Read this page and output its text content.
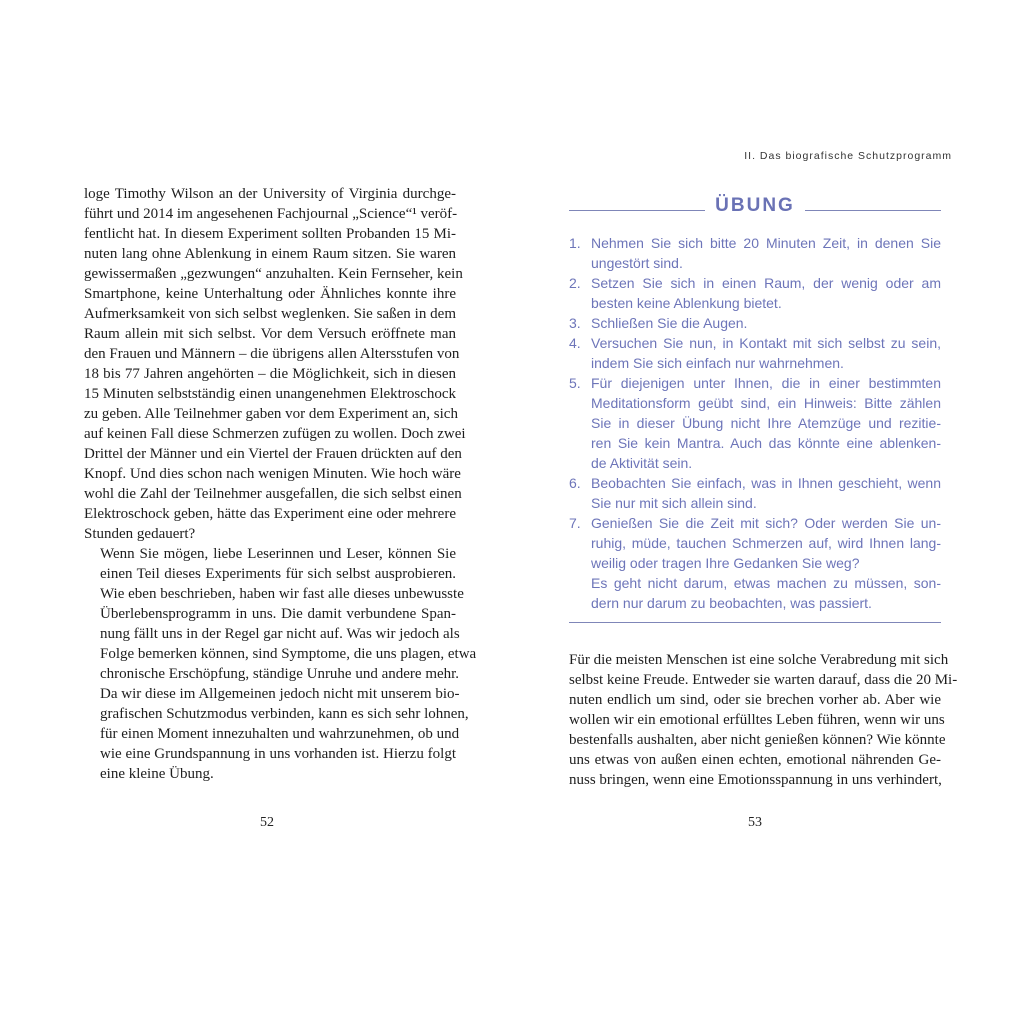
loge Timothy Wilson an der University of Virginia durchge-
führt und 2014 im angesehenen Fachjournal „Science“¹ veröf-
fentlicht hat. In diesem Experiment sollten Probanden 15 Mi-
nuten lang ohne Ablenkung in einem Raum sitzen. Sie waren
gewissermaßen „gezwungen“ anzuhalten. Kein Fernseher, kein
Smartphone, keine Unterhaltung oder Ähnliches konnte ihre
Aufmerksamkeit von sich selbst weglenken. Sie saßen in dem
Raum allein mit sich selbst. Vor dem Versuch eröffnete man
den Frauen und Männern – die übrigens allen Altersstufen von
18 bis 77 Jahren angehörten – die Möglichkeit, sich in diesen
15 Minuten selbstständig einen unangenehmen Elektroschock
zu geben. Alle Teilnehmer gaben vor dem Experiment an, sich
auf keinen Fall diese Schmerzen zufügen zu wollen. Doch zwei
Drittel der Männer und ein Viertel der Frauen drückten auf den
Knopf. Und dies schon nach wenigen Minuten. Wie hoch wäre
wohl die Zahl der Teilnehmer ausgefallen, die sich selbst einen
Elektroschock geben, hätte das Experiment eine oder mehrere
Stunden gedauert?

Wenn Sie mögen, liebe Leserinnen und Leser, können Sie
einen Teil dieses Experiments für sich selbst ausprobieren.
Wie eben beschrieben, haben wir fast alle dieses unbewusste
Überlebensprogramm in uns. Die damit verbundene Span-
nung fällt uns in der Regel gar nicht auf. Was wir jedoch als
Folge bemerken können, sind Symptome, die uns plagen, etwa
chronische Erschöpfung, ständige Unruhe und andere mehr.
Da wir diese im Allgemeinen jedoch nicht mit unserem bio-
grafischen Schutzmodus verbinden, kann es sich sehr lohnen,
für einen Moment innezuhalten und wahrzunehmen, ob und
wie eine Grundspannung in uns vorhanden ist. Hierzu folgt
eine kleine Übung.

52
II. Das biografische Schutzprogramm
ÜBUNG
1. Nehmen Sie sich bitte 20 Minuten Zeit, in denen Sie
ungestört sind.
2. Setzen Sie sich in einen Raum, der wenig oder am
besten keine Ablenkung bietet.
3. Schließen Sie die Augen.
4. Versuchen Sie nun, in Kontakt mit sich selbst zu sein,
indem Sie sich einfach nur wahrnehmen.
5. Für diejenigen unter Ihnen, die in einer bestimmten
Meditationsform geübt sind, ein Hinweis: Bitte zählen
Sie in dieser Übung nicht Ihre Atemzüge und rezitie-
ren Sie kein Mantra. Auch das könnte eine ablenken-
de Aktivität sein.
6. Beobachten Sie einfach, was in Ihnen geschieht, wenn
Sie nur mit sich allein sind.
7. Genießen Sie die Zeit mit sich? Oder werden Sie un-
ruhig, müde, tauchen Schmerzen auf, wird Ihnen lang-
weilig oder tragen Ihre Gedanken Sie weg?
Es geht nicht darum, etwas machen zu müssen, son-
dern nur darum zu beobachten, was passiert.

Für die meisten Menschen ist eine solche Verabredung mit sich
selbst keine Freude. Entweder sie warten darauf, dass die 20 Mi-
nuten endlich um sind, oder sie brechen vorher ab. Aber wie
wollen wir ein emotional erfülltes Leben führen, wenn wir uns
bestenfalls aushalten, aber nicht genießen können? Wie könnte
uns etwas von außen einen echten, emotional nährenden Ge-
nuss bringen, wenn eine Emotionsspannung in uns verhindert,

53
